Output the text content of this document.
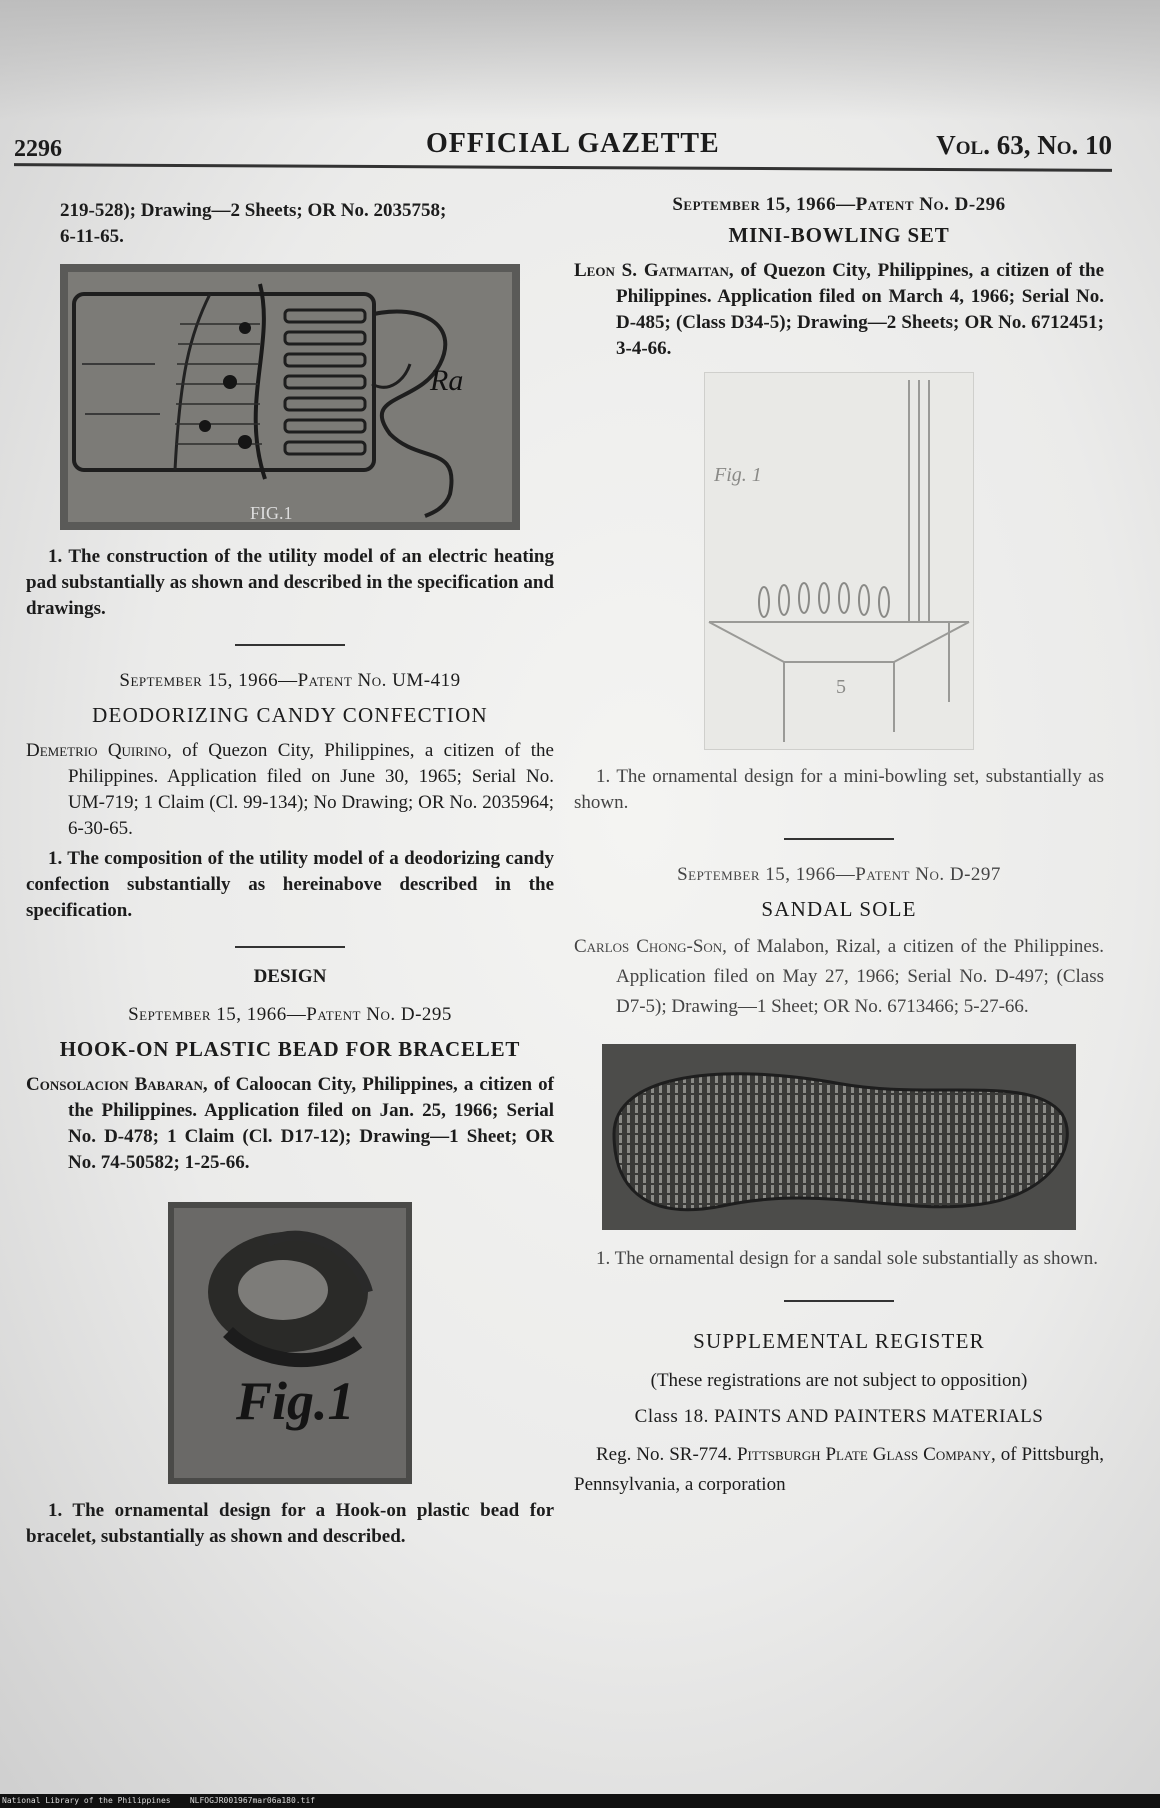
2296	OFFICIAL GAZETTE	Vol. 63, No. 10

219-528); Drawing—2 Sheets; OR No. 2035758;
6-11-65.

FIG.1
Ra

1. The construction of the utility model of an electric heating pad substantially as shown and described in the specification and drawings.

September 15, 1966—Patent No. UM-419

DEODORIZING CANDY CONFECTION

Demetrio Quirino, of Quezon City, Philippines, a citizen of the Philippines. Application filed on June 30, 1965; Serial No. UM-719; 1 Claim (Cl. 99-134); No Drawing; OR No. 2035964; 6-30-65.

1. The composition of the utility model of a deodorizing candy confection substantially as hereinabove described in the specification.

DESIGN

September 15, 1966—Patent No. D-295

HOOK-ON PLASTIC BEAD FOR BRACELET

Consolacion Babaran, of Caloocan City, Philippines, a citizen of the Philippines. Application filed on Jan. 25, 1966; Serial No. D-478; 1 Claim (Cl. D17-12); Drawing—1 Sheet; OR No. 74-50582; 1-25-66.

Fig.1

1. The ornamental design for a Hook-on plastic bead for bracelet, substantially as shown and described.

September 15, 1966—Patent No. D-296

MINI-BOWLING SET

Leon S. Gatmaitan, of Quezon City, Philippines, a citizen of the Philippines. Application filed on March 4, 1966; Serial No. D-485; (Class D34-5); Drawing—2 Sheets; OR No. 6712451; 3-4-66.

Fig. 1
5

1. The ornamental design for a mini-bowling set, substantially as shown.

September 15, 1966—Patent No. D-297

SANDAL SOLE

Carlos Chong-Son, of Malabon, Rizal, a citizen of the Philippines. Application filed on May 27, 1966; Serial No. D-497; (Class D7-5); Drawing—1 Sheet; OR No. 6713466; 5-27-66.

1. The ornamental design for a sandal sole substantially as shown.

SUPPLEMENTAL REGISTER

(These registrations are not subject to opposition)

Class 18. PAINTS AND PAINTERS MATERIALS

Reg. No. SR-774. Pittsburgh Plate Glass Company, of Pittsburgh, Pennsylvania, a corporation

National Library of the Philippines NLFOGJR001967mar06a180.tif
